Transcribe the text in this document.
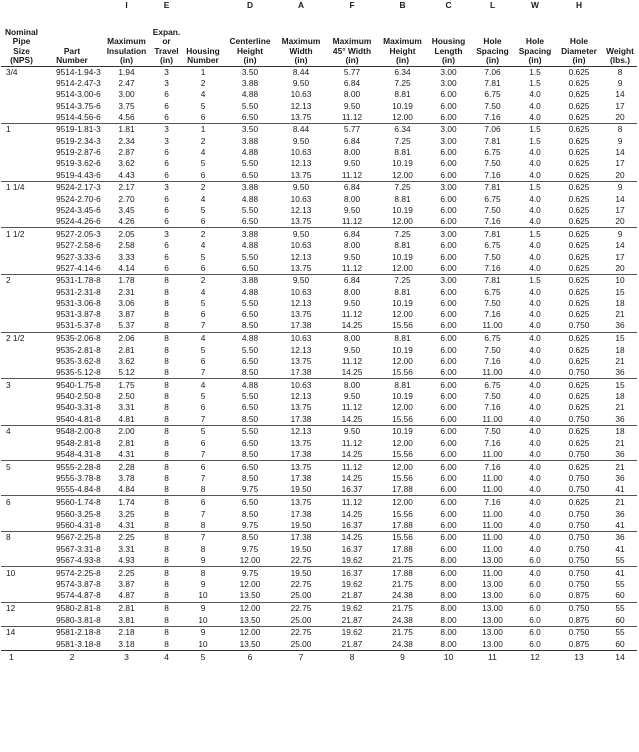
		I	E		D	A	F	B	C	L	W	H	
Nominal
Pipe
Size
(NPS)	Part
Number	Maximum
Insulation
(in)	Expan.
or
Travel
(in)	Housing
Number	Centerline
Height
(in)	Maximum
Width
(in)	Maximum
45° Width
(in)	Maximum
Height
(in)	Housing
Length
(in)	Hole
Spacing
(in)	Hole
Spacing
(in)	Hole
Diameter
(in)	Weight
(lbs.)
3/4	9514-1.94-3	1.94	3	1	3.50	8.44	5.77	6.34	3.00	7.06	1.5	0.625	8
	9514-2.47-3	2.47	3	2	3.88	9.50	6.84	7.25	3.00	7.81	1.5	0.625	9
	9514-3.00-6	3.00	6	4	4.88	10.63	8.00	8.81	6.00	6.75	4.0	0.625	14
	9514-3.75-6	3.75	6	5	5.50	12.13	9.50	10.19	6.00	7.50	4.0	0.625	17
	9514-4.56-6	4.56	6	6	6.50	13.75	11.12	12.00	6.00	7.16	4.0	0.625	20
1	9519-1.81-3	1.81	3	1	3.50	8.44	5.77	6.34	3.00	7.06	1.5	0.625	8
	9519-2.34-3	2.34	3	2	3.88	9.50	6.84	7.25	3.00	7.81	1.5	0.625	9
	9519-2.87-6	2.87	6	4	4.88	10.63	8.00	8.81	6.00	6.75	4.0	0.625	14
	9519-3.62-6	3.62	6	5	5.50	12.13	9.50	10.19	6.00	7.50	4.0	0.625	17
	9519-4.43-6	4.43	6	6	6.50	13.75	11.12	12.00	6.00	7.16	4.0	0.625	20
1 1/4	9524-2.17-3	2.17	3	2	3.88	9.50	6.84	7.25	3.00	7.81	1.5	0.625	9
	9524-2.70-6	2.70	6	4	4.88	10.63	8.00	8.81	6.00	6.75	4.0	0.625	14
	9524-3.45-6	3.45	6	5	5.50	12.13	9.50	10.19	6.00	7.50	4.0	0.625	17
	9524-4.26-6	4.26	6	6	6.50	13.75	11.12	12.00	6.00	7.16	4.0	0.625	20
1 1/2	9527-2.05-3	2.05	3	2	3.88	9.50	6.84	7.25	3.00	7.81	1.5	0.625	9
	9527-2.58-6	2.58	6	4	4.88	10.63	8.00	8.81	6.00	6.75	4.0	0.625	14
	9527-3.33-6	3.33	6	5	5.50	12.13	9.50	10.19	6.00	7.50	4.0	0.625	17
	9527-4.14-6	4.14	6	6	6.50	13.75	11.12	12.00	6.00	7.16	4.0	0.625	20
2	9531-1.78-8	1.78	8	2	3.88	9.50	6.84	7.25	3.00	7.81	1.5	0.625	10
	9531-2.31-8	2.31	8	4	4.88	10.63	8.00	8.81	6.00	6.75	4.0	0.625	15
	9531-3.06-8	3.06	8	5	5.50	12.13	9.50	10.19	6.00	7.50	4.0	0.625	18
	9531-3.87-8	3.87	8	6	6.50	13.75	11.12	12.00	6.00	7.16	4.0	0.625	21
	9531-5.37-8	5.37	8	7	8.50	17.38	14.25	15.56	6.00	11.00	4.0	0.750	36
2 1/2	9535-2.06-8	2.06	8	4	4.88	10.63	8.00	8.81	6.00	6.75	4.0	0.625	15
	9535-2.81-8	2.81	8	5	5.50	12.13	9.50	10.19	6.00	7.50	4.0	0.625	18
	9535-3.62-8	3.62	8	6	6.50	13.75	11.12	12.00	6.00	7.16	4.0	0.625	21
	9535-5.12-8	5.12	8	7	8.50	17.38	14.25	15.56	6.00	11.00	4.0	0.750	36
3	9540-1.75-8	1.75	8	4	4.88	10.63	8.00	8.81	6.00	6.75	4.0	0.625	15
	9540-2.50-8	2.50	8	5	5.50	12.13	9.50	10.19	6.00	7.50	4.0	0.625	18
	9540-3.31-8	3.31	8	6	6.50	13.75	11.12	12.00	6.00	7.16	4.0	0.625	21
	9540-4.81-8	4.81	8	7	8.50	17.38	14.25	15.56	6.00	11.00	4.0	0.750	36
4	9548-2.00-8	2.00	8	5	5.50	12.13	9.50	10.19	6.00	7.50	4.0	0.625	18
	9548-2.81-8	2.81	8	6	6.50	13.75	11.12	12.00	6.00	7.16	4.0	0.625	21
	9548-4.31-8	4.31	8	7	8.50	17.38	14.25	15.56	6.00	11.00	4.0	0.750	36
5	9555-2.28-8	2.28	8	6	6.50	13.75	11.12	12.00	6.00	7.16	4.0	0.625	21
	9555-3.78-8	3.78	8	7	8.50	17.38	14.25	15.56	6.00	11.00	4.0	0.750	36
	9555-4.84-8	4.84	8	8	9.75	19.50	16.37	17.88	6.00	11.00	4.0	0.750	41
6	9560-1.74-8	1.74	8	6	6.50	13.75	11.12	12.00	6.00	7.16	4.0	0.625	21
	9560-3.25-8	3.25	8	7	8.50	17.38	14.25	15.56	6.00	11.00	4.0	0.750	36
	9560-4.31-8	4.31	8	8	9.75	19.50	16.37	17.88	6.00	11.00	4.0	0.750	41
8	9567-2.25-8	2.25	8	7	8.50	17.38	14.25	15.56	6.00	11.00	4.0	0.750	36
	9567-3.31-8	3.31	8	8	9.75	19.50	16.37	17.88	6.00	11.00	4.0	0.750	41
	9567-4.93-8	4.93	8	9	12.00	22.75	19.62	21.75	8.00	13.00	6.0	0.750	55
10	9574-2.25-8	2.25	8	8	9.75	19.50	16.37	17.88	6.00	11.00	4.0	0.750	41
	9574-3.87-8	3.87	8	9	12.00	22.75	19.62	21.75	8.00	13.00	6.0	0.750	55
	9574-4.87-8	4.87	8	10	13.50	25.00	21.87	24.38	8.00	13.00	6.0	0.875	60
12	9580-2.81-8	2.81	8	9	12.00	22.75	19.62	21.75	8.00	13.00	6.0	0.750	55
	9580-3.81-8	3.81	8	10	13.50	25.00	21.87	24.38	8.00	13.00	6.0	0.875	60
14	9581-2.18-8	2.18	8	9	12.00	22.75	19.62	21.75	8.00	13.00	6.0	0.750	55
	9581-3.18-8	3.18	8	10	13.50	25.00	21.87	24.38	8.00	13.00	6.0	0.875	60
1	2	3	4	5	6	7	8	9	10	11	12	13	14
